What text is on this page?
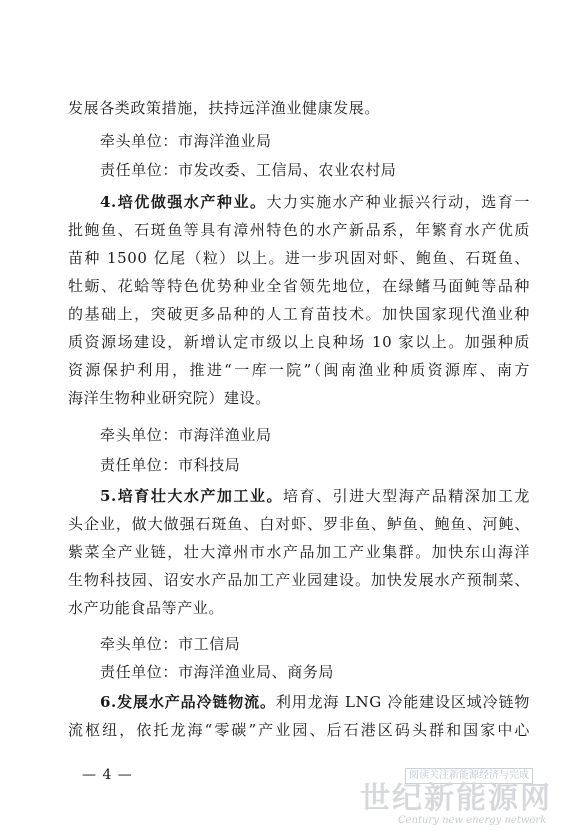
发展各类政策措施，扶持远洋渔业健康发展。
牵头单位：市海洋渔业局
责任单位：市发改委、工信局、农业农村局
4.培优做强水产种业。大力实施水产种业振兴行动，选育一
批鲍鱼、石斑鱼等具有漳州特色的水产新品系，年繁育水产优质
苗种 1500 亿尾（粒）以上。进一步巩固对虾、鲍鱼、石斑鱼、
牡蛎、花蛤等特色优势种业全省领先地位，在绿鳍马面鲀等品种
的基础上，突破更多品种的人工育苗技术。加快国家现代渔业种
质资源场建设，新增认定市级以上良种场 10 家以上。加强种质
资源保护利用，推进“一库一院”（闽南渔业种质资源库、南方
海洋生物种业研究院）建设。
牵头单位：市海洋渔业局
责任单位：市科技局
5.培育壮大水产加工业。培育、引进大型海产品精深加工龙
头企业，做大做强石斑鱼、白对虾、罗非鱼、鲈鱼、鲍鱼、河鲀、
紫菜全产业链，壮大漳州市水产品加工产业集群。加快东山海洋
生物科技园、诏安水产品加工产业园建设。加快发展水产预制菜、
水产功能食品等产业。
牵头单位：市工信局
责任单位：市海洋渔业局、商务局
6.发展水产品冷链物流。利用龙海 LNG 冷能建设区域冷链物
流枢纽，依托龙海“零碳”产业园、后石港区码头群和国家中心
— 4 —	阅读关注新能源经济与完成
世纪新能源网
Century new energy network
